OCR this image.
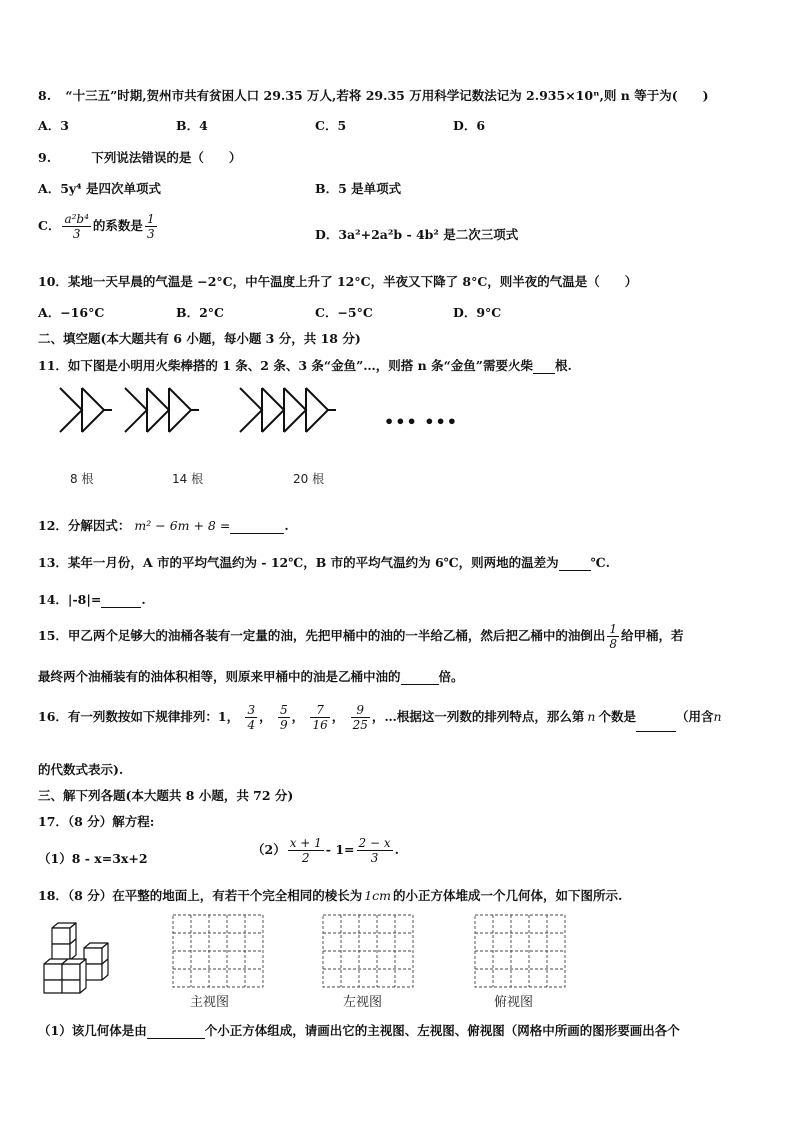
8. “十三五”时期,贺州市共有贫困人口 29.35 万人,若将 29.35 万用科学记数法记为 2.935×10ⁿ,则 n 等于为(　　)
A．3	B．4	C．5	D．6
9.	下列说法错误的是（　　）
A．5y⁴ 是四次单项式	B．5 是单项式
C． $\frac{\text{a²b⁴}}{3}$ 的系数是 $\frac{1}{3}$	D．3a²+2a²b - 4b² 是二次三项式
10．某地一天早晨的气温是 −2°C，中午温度上升了 12°C，半夜又下降了 8°C，则半夜的气温是（　　）
A．−16°C	B．2°C	C．−5°C	D．9°C
二、填空题(本大题共有 6 小题，每小题 3 分，共 18 分)
11．如下图是小明用火柴棒搭的 1 条、2 条、3 条“金鱼”…，则搭 n 条“金鱼”需要火柴 根.
••• •••
8 根	14 根	20 根
12．分解因式： m² − 6m + 8 =	.
13．某年一月份，A 市的平均气温约为 - 12℃，B 市的平均气温约为 6℃，则两地的温差为	℃.
14．|-8|=	.
15．甲乙两个足够大的油桶各装有一定量的油，先把甲桶中的油的一半给乙桶，然后把乙桶中的油倒出 $\frac{1}{8}$ 给甲桶，若
最终两个油桶装有的油体积相等，则原来甲桶中的油是乙桶中油的	倍。
16．有一列数按如下规律排列：1， $\frac{3}{4}$ ， $\frac{5}{9}$ ， $\frac{7}{16}$ ， $\frac{9}{25}$ ，…根据这一列数的排列特点，那么第 n 个数是	（用含n
的代数式表示).
三、解下列各题(本大题共 8 小题，共 72 分)
17．（8 分）解方程:
（1）8 - x=3x+2
$(2) \frac{x + 1}{2} - 1= \frac{2 - x}{3}$ .
18．（8 分）在平整的地面上，有若干个完全相同的棱长为 1cm 的小正方体堆成一个几何体，如下图所示.
主视图	左视图	俯视图
（1）该几何体是由	个小正方体组成，请画出它的主视图、左视图、俯视图（网格中所画的图形要画出各个
